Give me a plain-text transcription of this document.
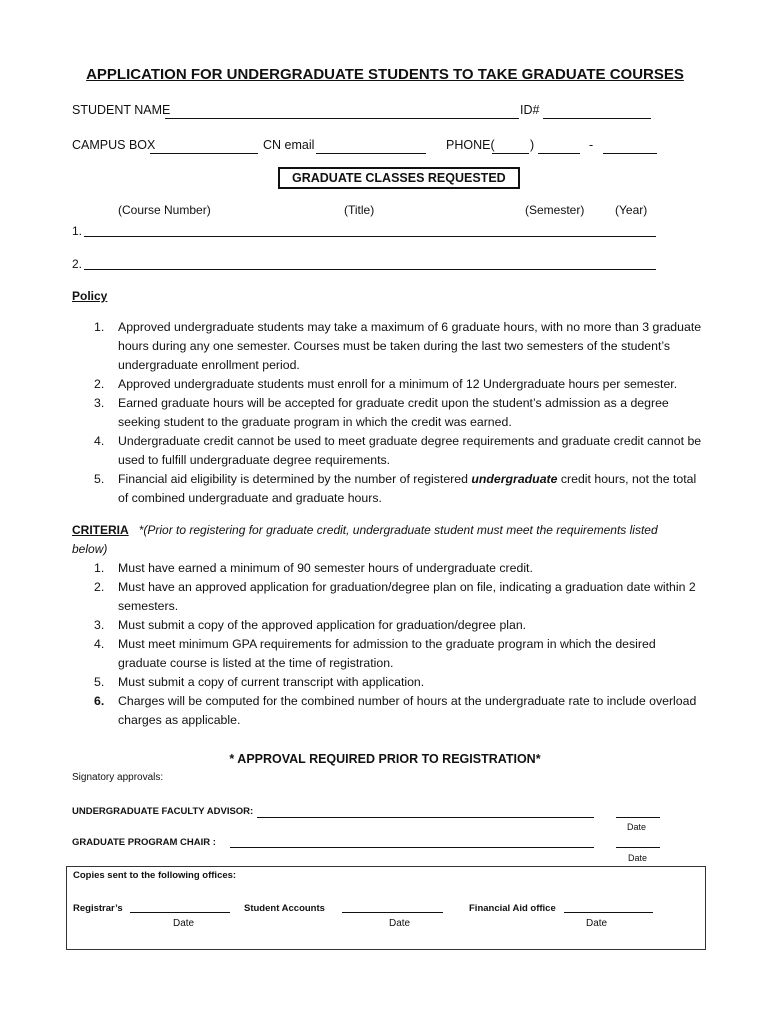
APPLICATION FOR UNDERGRADUATE STUDENTS TO TAKE GRADUATE COURSES
STUDENT NAME	ID#
CAMPUS BOX	CN email	PHONE(	)	-
GRADUATE CLASSES REQUESTED
(Course Number)	(Title)	(Semester)	(Year)
1.
2.
Policy
1. Approved undergraduate students may take a maximum of 6 graduate hours, with no more than 3 graduate hours during any one semester. Courses must be taken during the last two semesters of the student’s undergraduate enrollment period.
2. Approved undergraduate students must enroll for a minimum of 12 Undergraduate hours per semester.
3. Earned graduate hours will be accepted for graduate credit upon the student’s admission as a degree seeking student to the graduate program in which the credit was earned.
4. Undergraduate credit cannot be used to meet graduate degree requirements and graduate credit cannot be used to fulfill undergraduate degree requirements.
5. Financial aid eligibility is determined by the number of registered undergraduate credit hours, not the total of combined undergraduate and graduate hours.
CRITERIA *(Prior to registering for graduate credit, undergraduate student must meet the requirements listed below)
1. Must have earned a minimum of 90 semester hours of undergraduate credit.
2. Must have an approved application for graduation/degree plan on file, indicating a graduation date within 2 semesters.
3. Must submit a copy of the approved application for graduation/degree plan.
4. Must meet minimum GPA requirements for admission to the graduate program in which the desired graduate course is listed at the time of registration.
5. Must submit a copy of current transcript with application.
6. Charges will be computed for the combined number of hours at the undergraduate rate to include overload charges as applicable.
* APPROVAL REQUIRED PRIOR TO REGISTRATION*
Signatory approvals:
UNDERGRADUATE FACULTY ADVISOR:
Date
GRADUATE PROGRAM CHAIR :
Date
Copies sent to the following offices:
Registrar’s
Date
Student Accounts
Date
Financial Aid office
Date
